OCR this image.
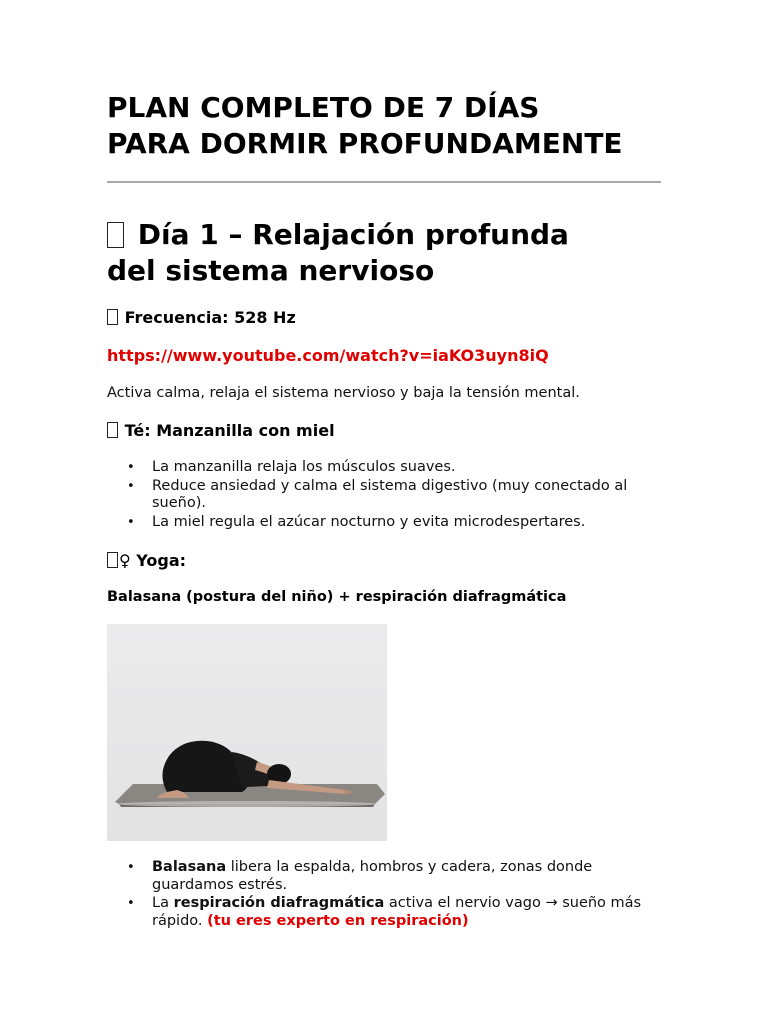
PLAN COMPLETO DE 7 DÍAS
PARA DORMIR PROFUNDAMENTE
Día 1 – Relajación profunda
del sistema nervioso
Frecuencia: 528 Hz
https://www.youtube.com/watch?v=iaKO3uyn8iQ

Activa calma, relaja el sistema nervioso y baja la tensión mental.

Té: Manzanilla con miel
• La manzanilla relaja los músculos suaves.
• Reduce ansiedad y calma el sistema digestivo (muy conectado al sueño).
• La miel regula el azúcar nocturno y evita microdespertares.
♀ Yoga:

Balasana (postura del niño) + respiración diafragmática

• Balasana libera la espalda, hombros y cadera, zonas donde guardamos estrés.
• La respiración diafragmática activa el nervio vago → sueño más rápido. (tu eres experto en respiración)
